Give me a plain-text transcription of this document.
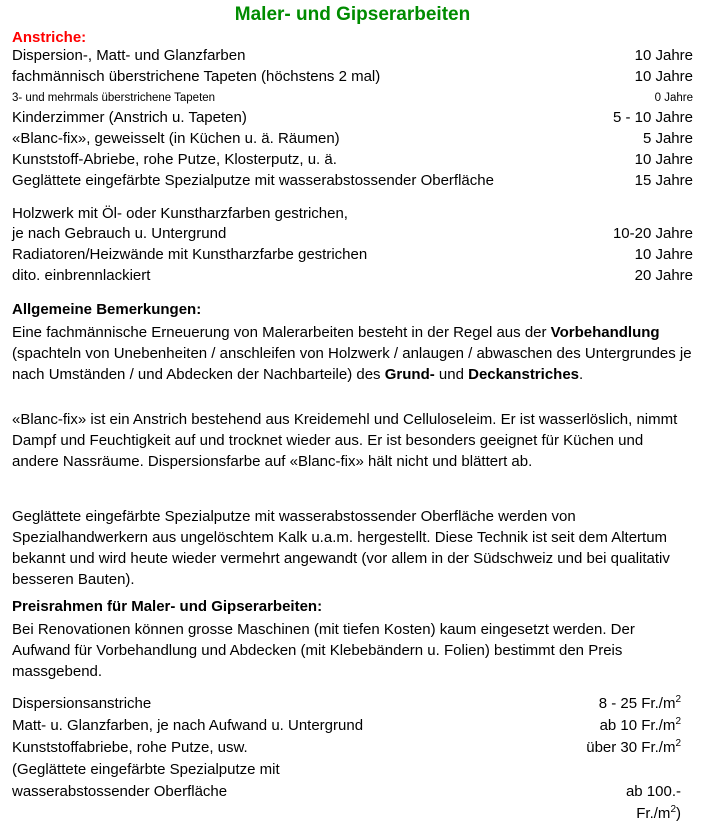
Maler- und Gipserarbeiten
Anstriche:
Dispersion-, Matt- und Glanzfarben	10 Jahre
fachmännisch überstrichene Tapeten (höchstens 2 mal)	10 Jahre
3- und mehrmals überstrichene Tapeten	0 Jahre
Kinderzimmer (Anstrich u. Tapeten)	5 - 10 Jahre
«Blanc-fix», geweisselt (in Küchen u. ä. Räumen)	5 Jahre
Kunststoff-Abriebe, rohe Putze, Klosterputz, u. ä.	10 Jahre
Geglättete eingefärbte Spezialputze mit wasserabstossender Oberfläche	15 Jahre
Holzwerk mit Öl- oder Kunstharzfarben gestrichen,
je nach Gebrauch u. Untergrund	10-20 Jahre
Radiatoren/Heizwände mit Kunstharzfarbe gestrichen	10 Jahre
dito. einbrennlackiert	20 Jahre
Allgemeine Bemerkungen:
Eine fachmännische Erneuerung von Malerarbeiten besteht in der Regel aus der Vorbehandlung (spachteln von Unebenheiten / anschleifen von Holzwerk / anlaugen / abwaschen des Untergrundes je nach Umständen / und Abdecken der Nachbarteile) des Grund- und Deckanstriches.
«Blanc-fix» ist ein Anstrich bestehend aus Kreidemehl und Celluloseleim. Er ist wasserlöslich, nimmt Dampf und Feuchtigkeit auf und trocknet wieder aus. Er ist besonders geeignet für Küchen und andere Nassräume. Dispersionsfarbe auf «Blanc-fix» hält nicht und blättert ab.
Geglättete eingefärbte Spezialputze mit wasserabstossender Oberfläche werden von Spezialhandwerkern aus ungelöschtem Kalk u.a.m. hergestellt. Diese Technik ist seit dem Altertum bekannt und wird heute wieder vermehrt angewandt (vor allem in der Südschweiz und bei qualitativ besseren Bauten).
Preisrahmen für Maler- und Gipserarbeiten:
Bei Renovationen können grosse Maschinen (mit tiefen Kosten) kaum eingesetzt werden. Der Aufwand für Vorbehandlung und Abdecken (mit Klebebändern u. Folien) bestimmt den Preis massgebend.
Dispersionsanstriche	8 - 25 $Fr./m^2$
Matt- u. Glanzfarben, je nach Aufwand u. Untergrund	ab 10 $Fr./m^2$
Kunststoffabriebe, rohe Putze, usw.	über 30 $Fr./m^2$
(Geglättete eingefärbte Spezialputze mit
wasserabstossender Oberfläche	ab 100.-
$Fr./m^2$)
